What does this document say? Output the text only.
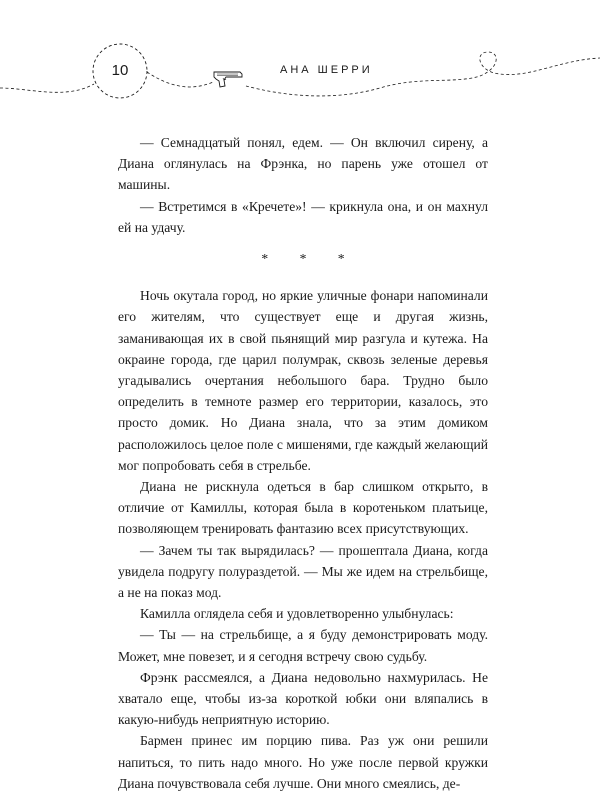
10	АНА ШЕРРИ

— Семнадцатый понял, едем. — Он включил сирену, а Диана оглянулась на Фрэнка, но парень уже отошел от машины.

— Встретимся в «Кречете»! — крикнула она, и он махнул ей на удачу.

* * *

Ночь окутала город, но яркие уличные фонари напоминали его жителям, что существует еще и другая жизнь, заманивающая их в свой пьянящий мир разгула и кутежа. На окраине города, где царил полумрак, сквозь зеленые деревья угадывались очертания небольшого бара. Трудно было определить в темноте размер его территории, казалось, это просто домик. Но Диана знала, что за этим домиком расположилось целое поле с мишенями, где каждый желающий мог попробовать себя в стрельбе.

Диана не рискнула одеться в бар слишком открыто, в отличие от Камиллы, которая была в коротеньком платьице, позволяющем тренировать фантазию всех присутствующих.

— Зачем ты так вырядилась? — прошептала Диана, когда увидела подругу полураздетой. — Мы же идем на стрельбище, а не на показ мод.

Камилла оглядела себя и удовлетворенно улыбнулась:

— Ты — на стрельбище, а я буду демонстрировать моду. Может, мне повезет, и я сегодня встречу свою судьбу.

Фрэнк рассмеялся, а Диана недовольно нахмурилась. Не хватало еще, чтобы из-за короткой юбки они вляпались в какую-нибудь неприятную историю.

Бармен принес им порцию пива. Раз уж они решили напиться, то пить надо много. Но уже после первой кружки Диана почувствовала себя лучше. Они много смеялись, де-
